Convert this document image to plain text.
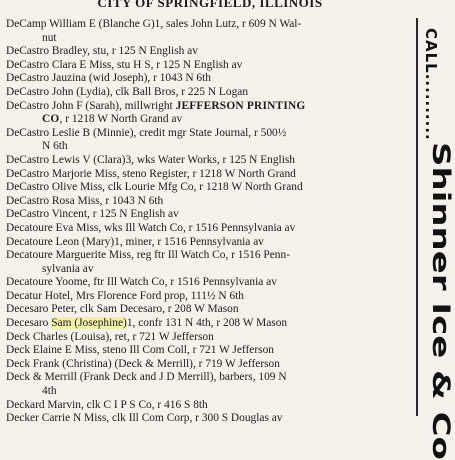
CITY OF SPRINGFIELD, ILLINOIS
DeCamp William E (Blanche G)1, sales John Lutz, r 609 N Wal-
nut
DeCastro Bradley, stu, r 125 N English av
DeCastro Clara E Miss, stu H S, r 125 N English av
DeCastro Jauzina (wid Joseph), r 1043 N 6th
DeCastro John (Lydia), clk Ball Bros, r 225 N Logan
DeCastro John F (Sarah), millwright JEFFERSON PRINTING
CO, r 1218 W North Grand av
DeCastro Leslie B (Minnie), credit mgr State Journal, r 500½
N 6th
DeCastro Lewis V (Clara)3, wks Water Works, r 125 N English
DeCastro Marjorie Miss, steno Register, r 1218 W North Grand
DeCastro Olive Miss, clk Lourie Mfg Co, r 1218 W North Grand
DeCastro Rosa Miss, r 1043 N 6th
DeCastro Vincent, r 125 N English av
Decatoure Eva Miss, wks Ill Watch Co, r 1516 Pennsylvania av
Decatoure Leon (Mary)1, miner, r 1516 Pennsylvania av
Decatoure Marguerite Miss, reg ftr Ill Watch Co, r 1516 Penn-
sylvania av
Decatoure Yoome, ftr Ill Watch Co, r 1516 Pennsylvania av
Decatur Hotel, Mrs Florence Ford prop, 111½ N 6th
Decesaro Peter, clk Sam Decesaro, r 208 W Mason
Decesaro Sam (Josephine)1, confr 131 N 4th, r 208 W Mason
Deck Charles (Louisa), ret, r 721 W Jefferson
Deck Elaine E Miss, steno Ill Com Coll, r 721 W Jefferson
Deck Frank (Christina) (Deck & Merrill), r 719 W Jefferson
Deck & Merrill (Frank Deck and J D Merrill), barbers, 109 N
4th
Deckard Marvin, clk C I P S Co, r 416 S 8th
Decker Carrie N Miss, clk Ill Com Corp, r 300 S Douglas av
CALL..........
Shinner Ice & Co
